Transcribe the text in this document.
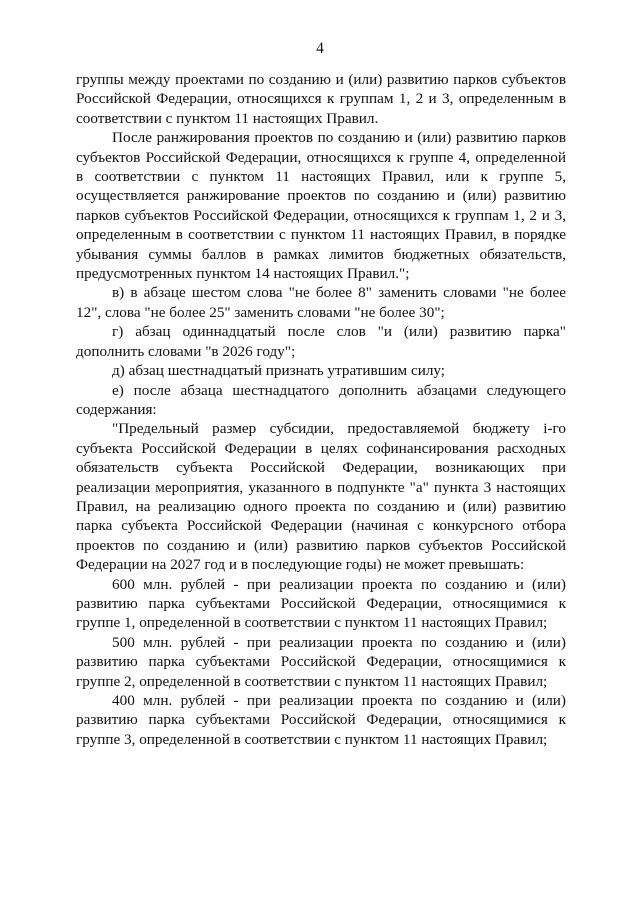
4

группы между проектами по созданию и (или) развитию парков субъектов Российской Федерации, относящихся к группам 1, 2 и 3, определенным в соответствии с пунктом 11 настоящих Правил.

После ранжирования проектов по созданию и (или) развитию парков субъектов Российской Федерации, относящихся к группе 4, определенной в соответствии с пунктом 11 настоящих Правил, или к группе 5, осуществляется ранжирование проектов по созданию и (или) развитию парков субъектов Российской Федерации, относящихся к группам 1, 2 и 3, определенным в соответствии с пунктом 11 настоящих Правил, в порядке убывания суммы баллов в рамках лимитов бюджетных обязательств, предусмотренных пунктом 14 настоящих Правил.";

в) в абзаце шестом слова "не более 8" заменить словами "не более 12", слова "не более 25" заменить словами "не более 30";

г) абзац одиннадцатый после слов "и (или) развитию парка" дополнить словами "в 2026 году";

д) абзац шестнадцатый признать утратившим силу;

е) после абзаца шестнадцатого дополнить абзацами следующего содержания:

"Предельный размер субсидии, предоставляемой бюджету i-го субъекта Российской Федерации в целях софинансирования расходных обязательств субъекта Российской Федерации, возникающих при реализации мероприятия, указанного в подпункте "а" пункта 3 настоящих Правил, на реализацию одного проекта по созданию и (или) развитию парка субъекта Российской Федерации (начиная с конкурсного отбора проектов по созданию и (или) развитию парков субъектов Российской Федерации на 2027 год и в последующие годы) не может превышать:

600 млн. рублей - при реализации проекта по созданию и (или) развитию парка субъектами Российской Федерации, относящимися к группе 1, определенной в соответствии с пунктом 11 настоящих Правил;

500 млн. рублей - при реализации проекта по созданию и (или) развитию парка субъектами Российской Федерации, относящимися к группе 2, определенной в соответствии с пунктом 11 настоящих Правил;

400 млн. рублей - при реализации проекта по созданию и (или) развитию парка субъектами Российской Федерации, относящимися к группе 3, определенной в соответствии с пунктом 11 настоящих Правил;
